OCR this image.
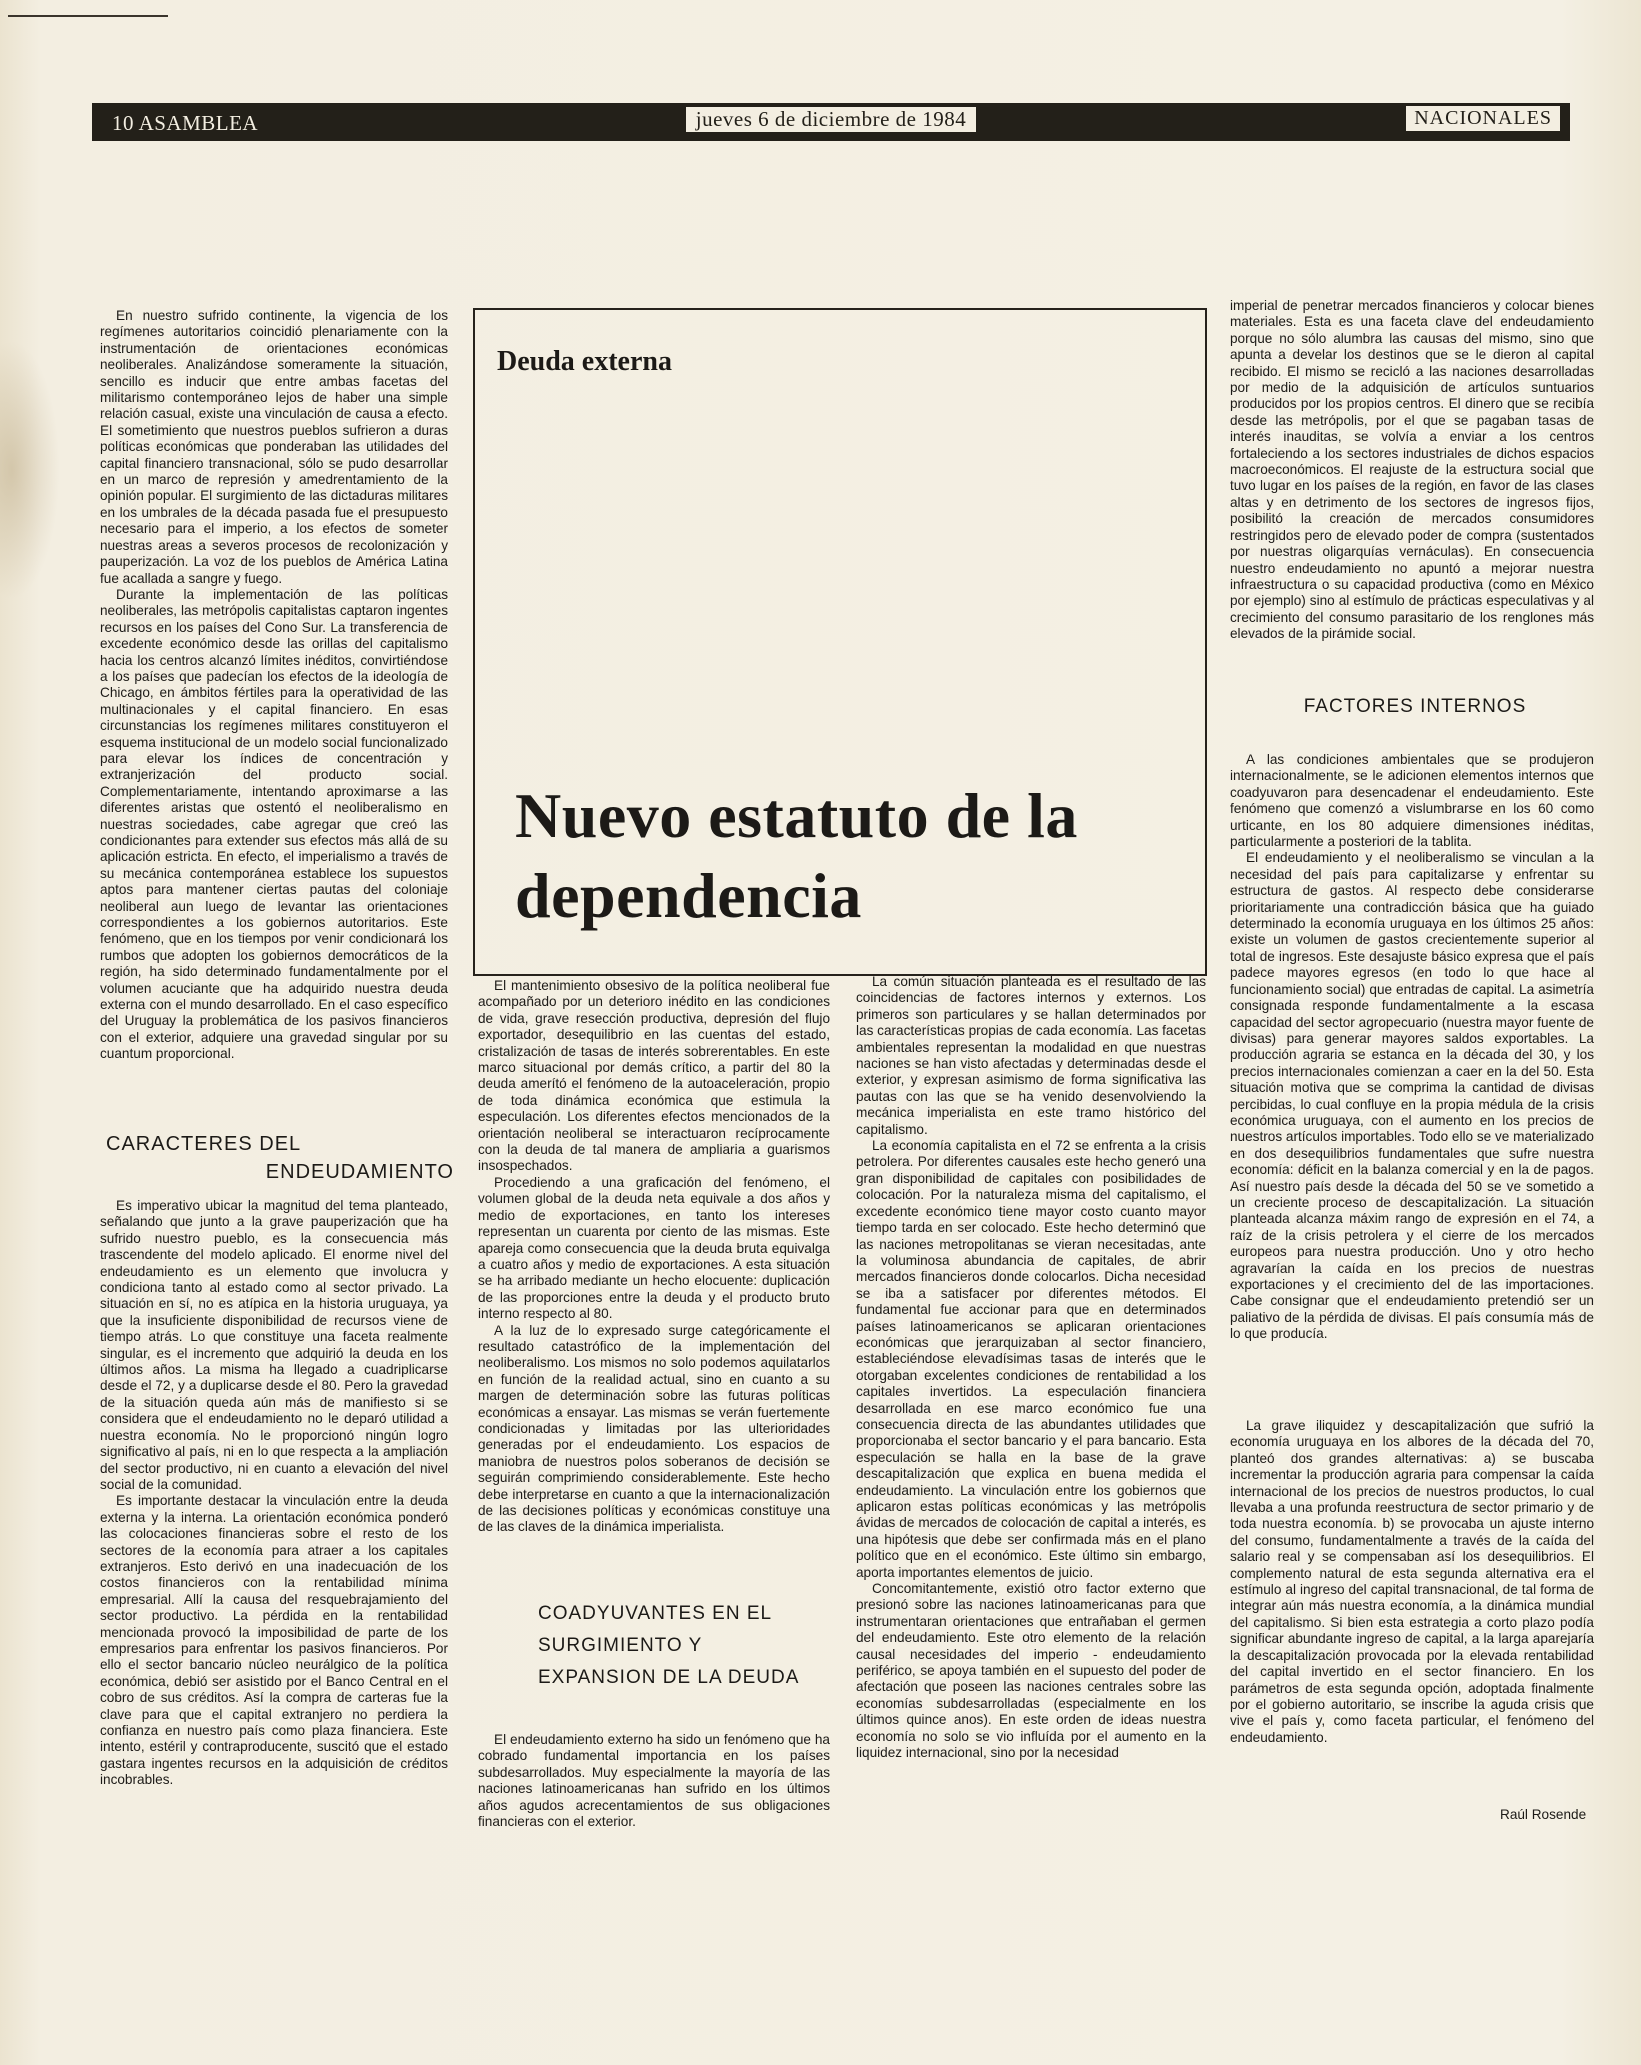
10 ASAMBLEA	jueves 6 de diciembre de 1984	NACIONALES

En nuestro sufrido continente, la vigencia de los regímenes autoritarios coincidió plenariamente con la instrumentación de orientaciones económicas neoliberales. Analizándose someramente la situación, sencillo es inducir que entre ambas facetas del militarismo contemporáneo lejos de haber una simple relación casual, existe una vinculación de causa a efecto. El sometimiento que nuestros pueblos sufrieron a duras políticas económicas que ponderaban las utilidades del capital financiero transnacional, sólo se pudo desarrollar en un marco de represión y amedrentamiento de la opinión popular. El surgimiento de las dictaduras militares en los umbrales de la década pasada fue el presupuesto necesario para el imperio, a los efectos de someter nuestras areas a severos procesos de recolonización y pauperización. La voz de los pueblos de América Latina fue acallada a sangre y fuego.

Durante la implementación de las políticas neoliberales, las metrópolis capitalistas captaron ingentes recursos en los países del Cono Sur. La transferencia de excedente económico desde las orillas del capitalismo hacia los centros alcanzó límites inéditos, convirtiéndose a los países que padecían los efectos de la ideología de Chicago, en ámbitos fértiles para la operatividad de las multinacionales y el capital financiero. En esas circunstancias los regímenes militares constituyeron el esquema institucional de un modelo social funcionalizado para elevar los índices de concentración y extranjerización del producto social. Complementariamente, intentando aproximarse a las diferentes aristas que ostentó el neoliberalismo en nuestras sociedades, cabe agregar que creó las condicionantes para extender sus efectos más allá de su aplicación estricta. En efecto, el imperialismo a través de su mecánica contemporánea establece los supuestos aptos para mantener ciertas pautas del coloniaje neoliberal aun luego de levantar las orientaciones correspondientes a los gobiernos autoritarios. Este fenómeno, que en los tiempos por venir condicionará los rumbos que adopten los gobiernos democráticos de la región, ha sido determinado fundamentalmente por el volumen acuciante que ha adquirido nuestra deuda externa con el mundo desarrollado. En el caso específico del Uruguay la problemática de los pasivos financieros con el exterior, adquiere una gravedad singular por su cuantum proporcional.

CARACTERES DEL
ENDEUDAMIENTO

Es imperativo ubicar la magnitud del tema planteado, señalando que junto a la grave pauperización que ha sufrido nuestro pueblo, es la consecuencia más trascendente del modelo aplicado. El enorme nivel del endeudamiento es un elemento que involucra y condiciona tanto al estado como al sector privado. La situación en sí, no es atípica en la historia uruguaya, ya que la insuficiente disponibilidad de recursos viene de tiempo atrás. Lo que constituye una faceta realmente singular, es el incremento que adquirió la deuda en los últimos años. La misma ha llegado a cuadriplicarse desde el 72, y a duplicarse desde el 80. Pero la gravedad de la situación queda aún más de manifiesto si se considera que el endeudamiento no le deparó utilidad a nuestra economía. No le proporcionó ningún logro significativo al país, ni en lo que respecta a la ampliación del sector productivo, ni en cuanto a elevación del nivel social de la comunidad.

Es importante destacar la vinculación entre la deuda externa y la interna. La orientación económica ponderó las colocaciones financieras sobre el resto de los sectores de la economía para atraer a los capitales extranjeros. Esto derivó en una inadecuación de los costos financieros con la rentabilidad mínima empresarial. Allí la causa del resquebrajamiento del sector productivo. La pérdida en la rentabilidad mencionada provocó la imposibilidad de parte de los empresarios para enfrentar los pasivos financieros. Por ello el sector bancario núcleo neurálgico de la política económica, debió ser asistido por el Banco Central en el cobro de sus créditos. Así la compra de carteras fue la clave para que el capital extranjero no perdiera la confianza en nuestro país como plaza financiera. Este intento, estéril y contraproducente, suscitó que el estado gastara ingentes recursos en la adquisición de créditos incobrables.

Deuda externa
Nuevo estatuto de la dependencia

El mantenimiento obsesivo de la política neoliberal fue acompañado por un deterioro inédito en las condiciones de vida, grave resección productiva, depresión del flujo exportador, desequilibrio en las cuentas del estado, cristalización de tasas de interés sobrerentables. En este marco situacional por demás crítico, a partir del 80 la deuda amerító el fenómeno de la autoaceleración, propio de toda dinámica económica que estimula la especulación. Los diferentes efectos mencionados de la orientación neoliberal se interactuaron recíprocamente con la deuda de tal manera de ampliaria a guarismos insospechados.

Procediendo a una graficación del fenómeno, el volumen global de la deuda neta equivale a dos años y medio de exportaciones, en tanto los intereses representan un cuarenta por ciento de las mismas. Este apareja como consecuencia que la deuda bruta equivalga a cuatro años y medio de exportaciones. A esta situación se ha arribado mediante un hecho elocuente: duplicación de las proporciones entre la deuda y el producto bruto interno respecto al 80.

A la luz de lo expresado surge categóricamente el resultado catastrófico de la implementación del neoliberalismo. Los mismos no solo podemos aquilatarlos en función de la realidad actual, sino en cuanto a su margen de determinación sobre las futuras políticas económicas a ensayar. Las mismas se verán fuertemente condicionadas y limitadas por las ulterioridades generadas por el endeudamiento. Los espacios de maniobra de nuestros polos soberanos de decisión se seguirán comprimiendo considerablemente. Este hecho debe interpretarse en cuanto a que la internacionalización de las decisiones políticas y económicas constituye una de las claves de la dinámica imperialista.

COADYUVANTES EN EL
SURGIMIENTO Y
EXPANSION DE LA DEUDA

El endeudamiento externo ha sido un fenómeno que ha cobrado fundamental importancia en los países subdesarrollados. Muy especialmente la mayoría de las naciones latinoamericanas han sufrido en los últimos años agudos acrecentamientos de sus obligaciones financieras con el exterior.

La común situación planteada es el resultado de las coincidencias de factores internos y externos. Los primeros son particulares y se hallan determinados por las características propias de cada economía. Las facetas ambientales representan la modalidad en que nuestras naciones se han visto afectadas y determinadas desde el exterior, y expresan asimismo de forma significativa las pautas con las que se ha venido desenvolviendo la mecánica imperialista en este tramo histórico del capitalismo.

La economía capitalista en el 72 se enfrenta a la crisis petrolera. Por diferentes causales este hecho generó una gran disponibilidad de capitales con posibilidades de colocación. Por la naturaleza misma del capitalismo, el excedente económico tiene mayor costo cuanto mayor tiempo tarda en ser colocado. Este hecho determinó que las naciones metropolitanas se vieran necesitadas, ante la voluminosa abundancia de capitales, de abrir mercados financieros donde colocarlos. Dicha necesidad se iba a satisfacer por diferentes métodos. El fundamental fue accionar para que en determinados países latinoamericanos se aplicaran orientaciones económicas que jerarquizaban al sector financiero, estableciéndose elevadísimas tasas de interés que le otorgaban excelentes condiciones de rentabilidad a los capitales invertidos. La especulación financiera desarrollada en ese marco económico fue una consecuencia directa de las abundantes utilidades que proporcionaba el sector bancario y el para bancario. Esta especulación se halla en la base de la grave descapitalización que explica en buena medida el endeudamiento. La vinculación entre los gobiernos que aplicaron estas políticas económicas y las metrópolis ávidas de mercados de colocación de capital a interés, es una hipótesis que debe ser confirmada más en el plano político que en el económico. Este último sin embargo, aporta importantes elementos de juicio.

Concomitantemente, existió otro factor externo que presionó sobre las naciones latinoamericanas para que instrumentaran orientaciones que entrañaban el germen del endeudamiento. Este otro elemento de la relación causal necesidades del imperio - endeudamiento periférico, se apoya también en el supuesto del poder de afectación que poseen las naciones centrales sobre las economías subdesarrolladas (especialmente en los últimos quince anos). En este orden de ideas nuestra economía no solo se vio influída por el aumento en la liquidez internacional, sino por la necesidad

imperial de penetrar mercados financieros y colocar bienes materiales. Esta es una faceta clave del endeudamiento porque no sólo alumbra las causas del mismo, sino que apunta a develar los destinos que se le dieron al capital recibido. El mismo se recicló a las naciones desarrolladas por medio de la adquisición de artículos suntuarios producidos por los propios centros. El dinero que se recibía desde las metrópolis, por el que se pagaban tasas de interés inauditas, se volvía a enviar a los centros fortaleciendo a los sectores industriales de dichos espacios macroeconómicos. El reajuste de la estructura social que tuvo lugar en los países de la región, en favor de las clases altas y en detrimento de los sectores de ingresos fijos, posibilitó la creación de mercados consumidores restringidos pero de elevado poder de compra (sustentados por nuestras oligarquías vernáculas). En consecuencia nuestro endeudamiento no apuntó a mejorar nuestra infraestructura o su capacidad productiva (como en México por ejemplo) sino al estímulo de prácticas especulativas y al crecimiento del consumo parasitario de los renglones más elevados de la pirámide social.

FACTORES INTERNOS

A las condiciones ambientales que se produjeron internacionalmente, se le adicionen elementos internos que coadyuvaron para desencadenar el endeudamiento. Este fenómeno que comenzó a vislumbrarse en los 60 como urticante, en los 80 adquiere dimensiones inéditas, particularmente a posteriori de la tablita.

El endeudamiento y el neoliberalismo se vinculan a la necesidad del país para capitalizarse y enfrentar su estructura de gastos. Al respecto debe considerarse prioritariamente una contradicción básica que ha guiado determinado la economía uruguaya en los últimos 25 años: existe un volumen de gastos crecientemente superior al total de ingresos. Este desajuste básico expresa que el país padece mayores egresos (en todo lo que hace al funcionamiento social) que entradas de capital. La asimetría consignada responde fundamentalmente a la escasa capacidad del sector agropecuario (nuestra mayor fuente de divisas) para generar mayores saldos exportables. La producción agraria se estanca en la década del 30, y los precios internacionales comienzan a caer en la del 50. Esta situación motiva que se comprima la cantidad de divisas percibidas, lo cual confluye en la propia médula de la crisis económica uruguaya, con el aumento en los precios de nuestros artículos importables. Todo ello se ve materializado en dos desequilibrios fundamentales que sufre nuestra economía: déficit en la balanza comercial y en la de pagos. Así nuestro país desde la década del 50 se ve sometido a un creciente proceso de descapitalización. La situación planteada alcanza máxim rango de expresión en el 74, a raíz de la crisis petrolera y el cierre de los mercados europeos para nuestra producción. Uno y otro hecho agravarían la caída en los precios de nuestras exportaciones y el crecimiento del de las importaciones. Cabe consignar que el endeudamiento pretendió ser un paliativo de la pérdida de divisas. El país consumía más de lo que producía.

La grave iliquidez y descapitalización que sufrió la economía uruguaya en los albores de la década del 70, planteó dos grandes alternativas: a) se buscaba incrementar la producción agraria para compensar la caída internacional de los precios de nuestros productos, lo cual llevaba a una profunda reestructura de sector primario y de toda nuestra economía. b) se provocaba un ajuste interno del consumo, fundamentalmente a través de la caída del salario real y se compensaban así los desequilibrios. El complemento natural de esta segunda alternativa era el estímulo al ingreso del capital transnacional, de tal forma de integrar aún más nuestra economía, a la dinámica mundial del capitalismo. Si bien esta estrategia a corto plazo podía significar abundante ingreso de capital, a la larga aparejaría la descapitalización provocada por la elevada rentabilidad del capital invertido en el sector financiero. En los parámetros de esta segunda opción, adoptada finalmente por el gobierno autoritario, se inscribe la aguda crisis que vive el país y, como faceta particular, el fenómeno del endeudamiento.

Raúl Rosende
